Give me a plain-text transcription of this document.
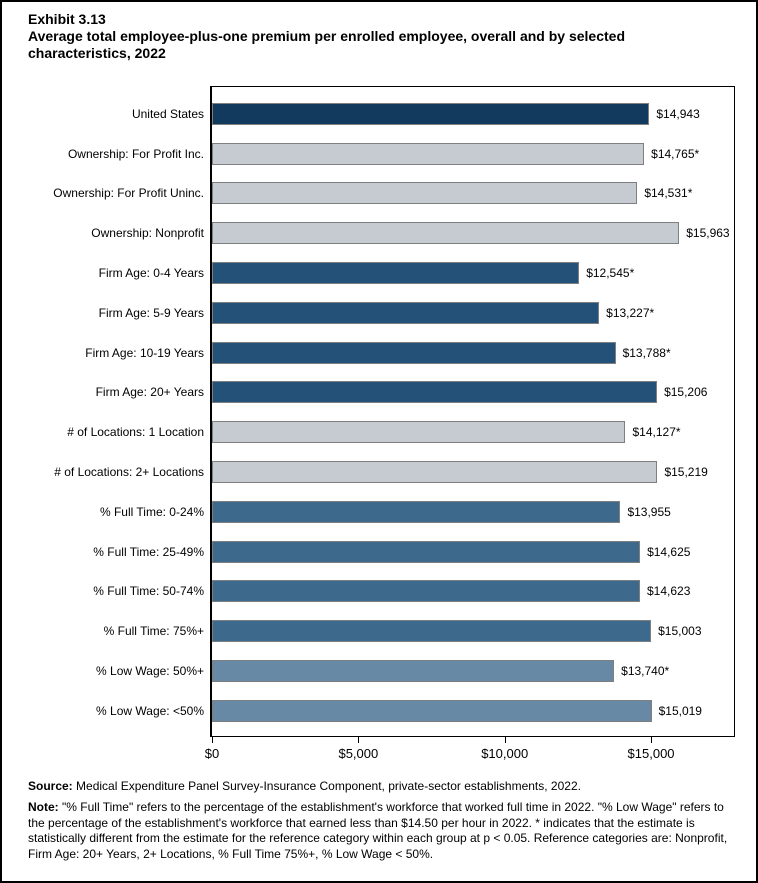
Exhibit 3.13

Average total employee-plus-one premium per enrolled employee, overall and by selected characteristics, 2022

United States	$14,943
Ownership: For Profit Inc.	$14,765*
Ownership: For Profit Uninc.	$14,531*
Ownership: Nonprofit	$15,963
Firm Age: 0-4 Years	$12,545*
Firm Age: 5-9 Years	$13,227*
Firm Age: 10-19 Years	$13,788*
Firm Age: 20+ Years	$15,206
# of Locations: 1 Location	$14,127*
# of Locations: 2+ Locations	$15,219
% Full Time: 0-24%	$13,955
% Full Time: 25-49%	$14,625
% Full Time: 50-74%	$14,623
% Full Time: 75%+	$15,003
% Low Wage: 50%+	$13,740*
% Low Wage: <50%	$15,019
$0	$5,000	$10,000	$15,000
Source: Medical Expenditure Panel Survey-Insurance Component, private-sector establishments, 2022.
Note: "% Full Time" refers to the percentage of the establishment's workforce that worked full time in 2022. "% Low Wage" refers to the percentage of the establishment's workforce that earned less than $14.50 per hour in 2022. * indicates that the estimate is statistically different from the estimate for the reference category within each group at p < 0.05. Reference categories are: Nonprofit, Firm Age: 20+ Years, 2+ Locations, % Full Time 75%+, % Low Wage < 50%.
